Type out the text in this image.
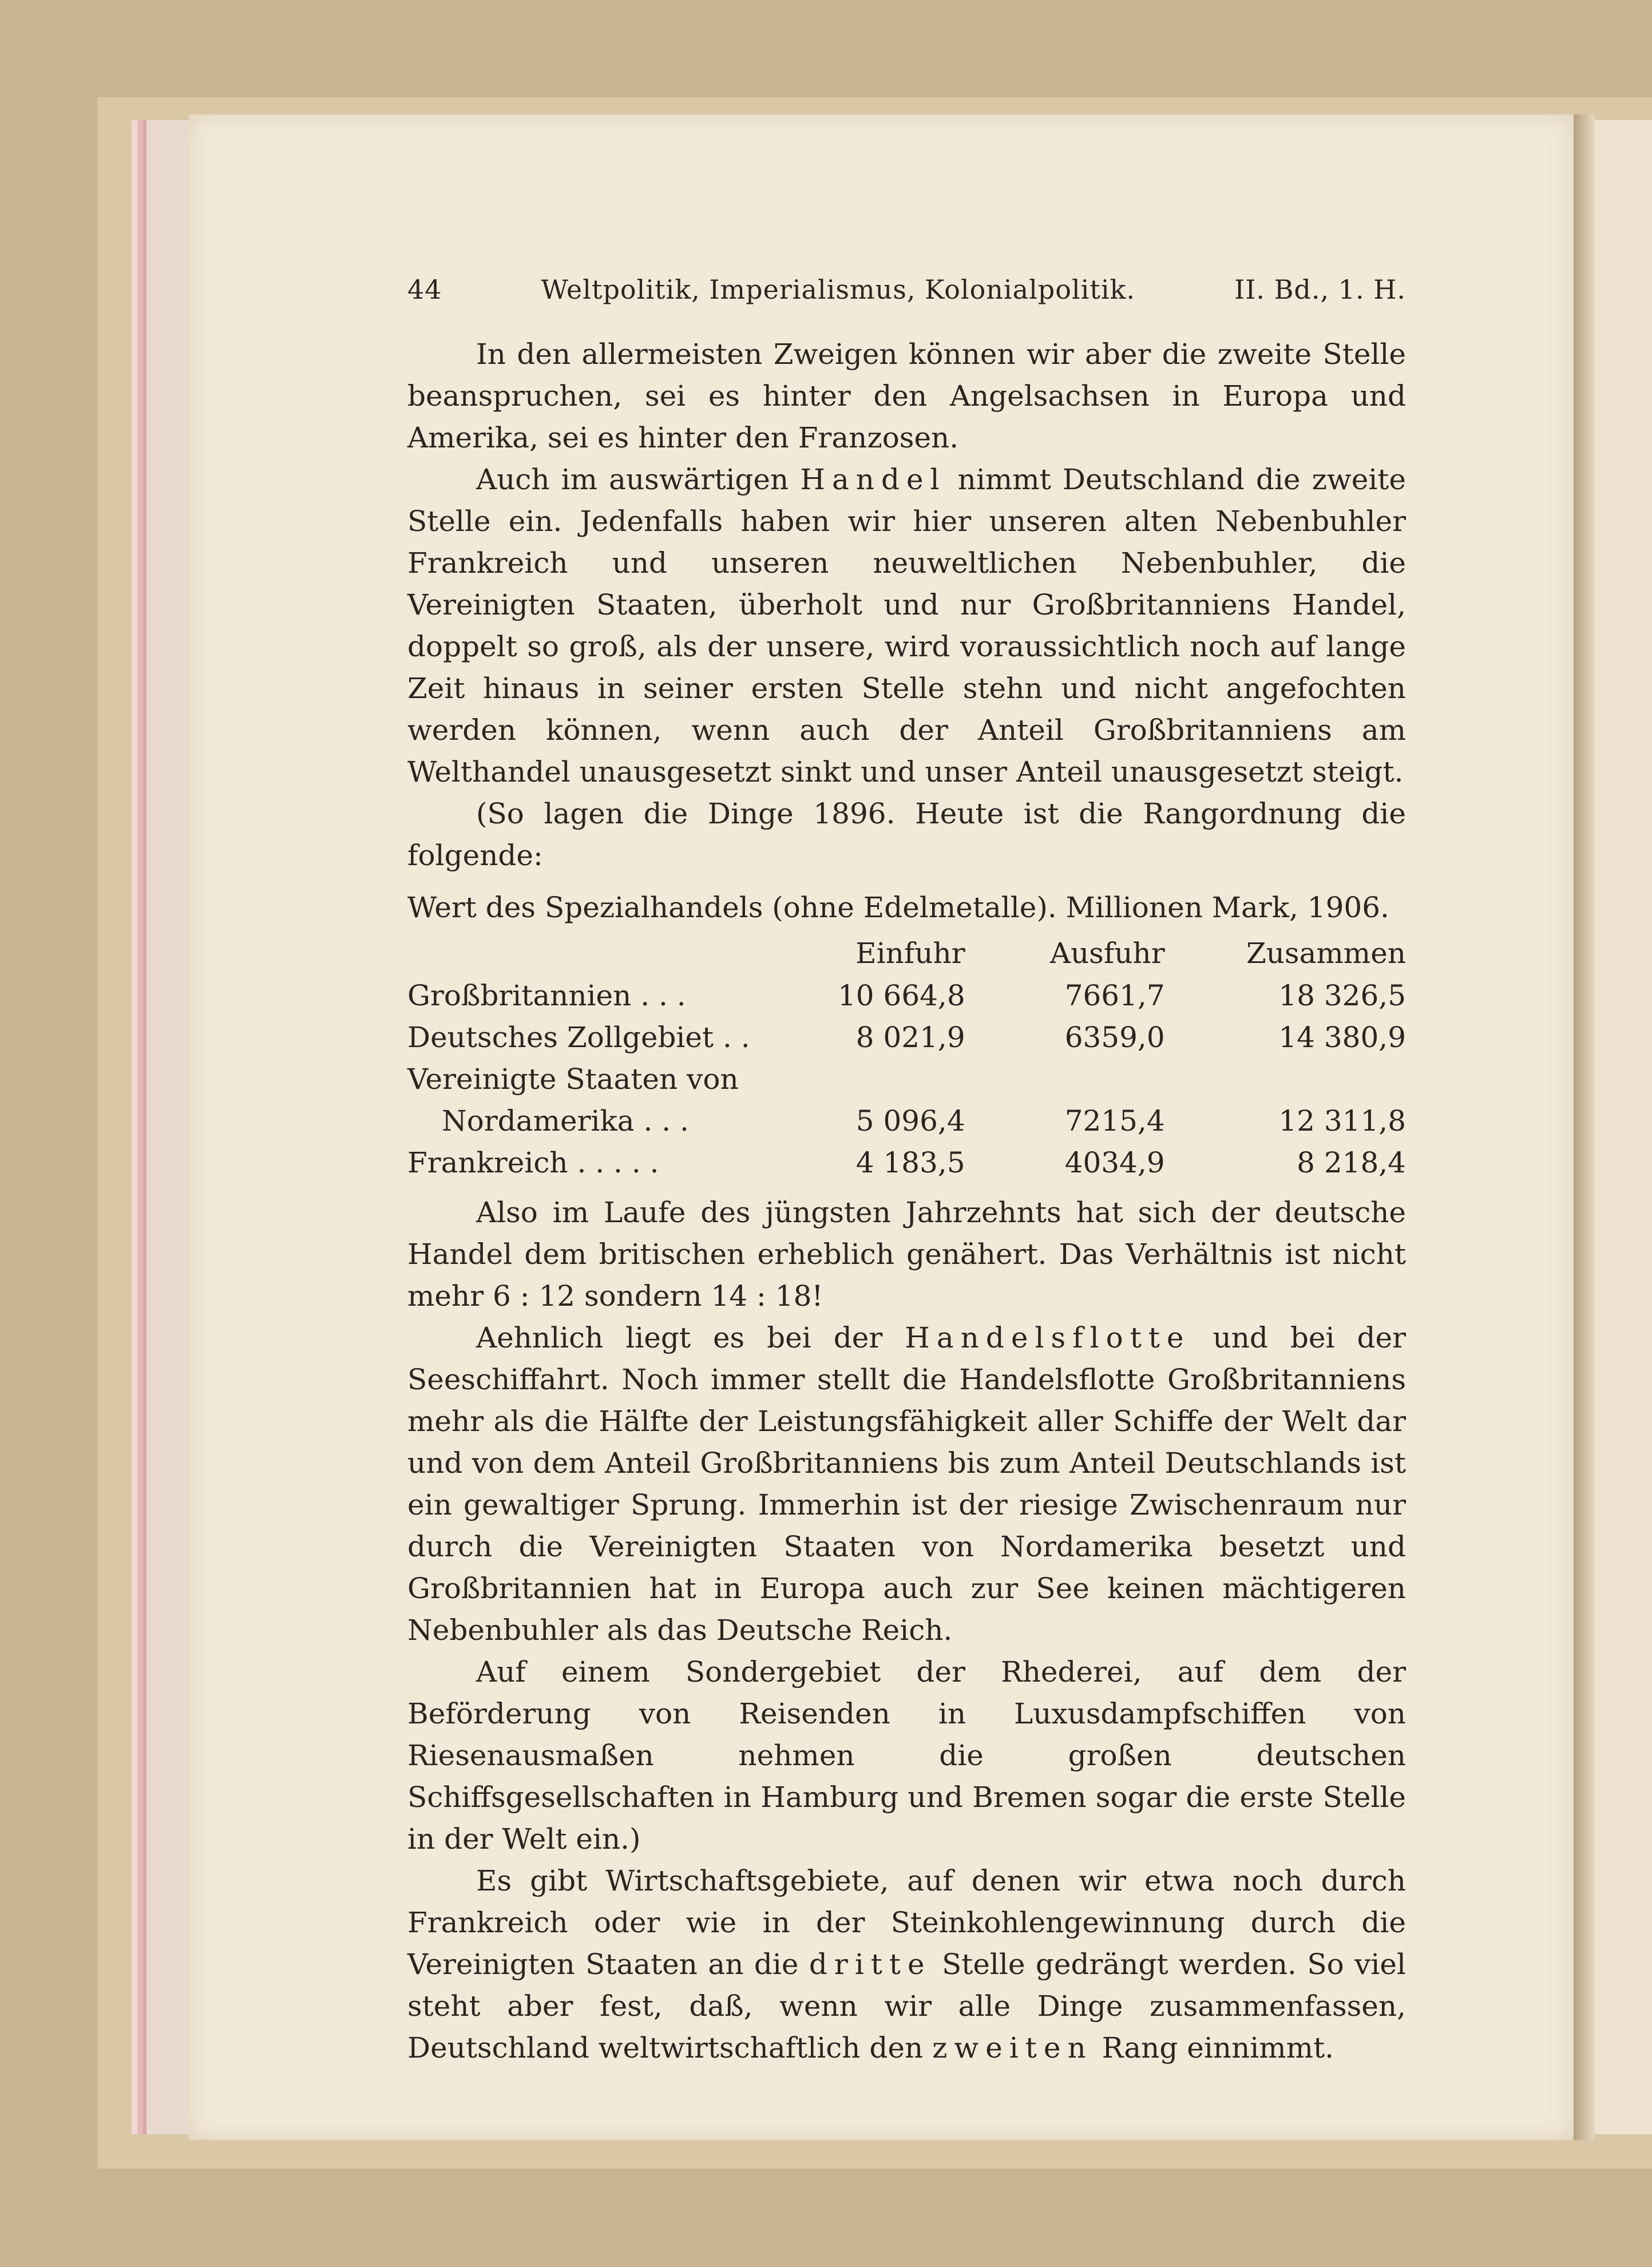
44	Weltpolitik, Imperialismus, Kolonialpolitik.	II. Bd., 1. H.

In den allermeisten Zweigen können wir aber die zweite Stelle beanspruchen, sei es hinter den Angelsachsen in Europa und Amerika, sei es hinter den Franzosen.

Auch im auswärtigen Handel nimmt Deutschland die zweite Stelle ein. Jedenfalls haben wir hier unseren alten Nebenbuhler Frankreich und unseren neuweltlichen Nebenbuhler, die Vereinigten Staaten, überholt und nur Großbritanniens Handel, doppelt so groß, als der unsere, wird voraussichtlich noch auf lange Zeit hinaus in seiner ersten Stelle stehn und nicht angefochten werden können, wenn auch der Anteil Großbritanniens am Welthandel unausgesetzt sinkt und unser Anteil unausgesetzt steigt.

(So lagen die Dinge 1896. Heute ist die Rangordnung die folgende:

Wert des Spezialhandels (ohne Edelmetalle). Millionen Mark, 1906.

	Einfuhr	Ausfuhr	Zusammen
Großbritannien . . .	10 664,8	7661,7	18 326,5
Deutsches Zollgebiet . .	8 021,9	6359,0	14 380,9
Vereinigte Staaten von			
Nordamerika . . .	5 096,4	7215,4	12 311,8
Frankreich . . . . .	4 183,5	4034,9	8 218,4

Also im Laufe des jüngsten Jahrzehnts hat sich der deutsche Handel dem britischen erheblich genähert. Das Verhältnis ist nicht mehr 6 : 12 sondern 14 : 18!

Aehnlich liegt es bei der Handelsflotte und bei der Seeschiffahrt. Noch immer stellt die Handelsflotte Großbritanniens mehr als die Hälfte der Leistungsfähigkeit aller Schiffe der Welt dar und von dem Anteil Großbritanniens bis zum Anteil Deutschlands ist ein gewaltiger Sprung. Immerhin ist der riesige Zwischenraum nur durch die Vereinigten Staaten von Nordamerika besetzt und Großbritannien hat in Europa auch zur See keinen mächtigeren Nebenbuhler als das Deutsche Reich.

Auf einem Sondergebiet der Rhederei, auf dem der Beförderung von Reisenden in Luxusdampfschiffen von Riesenausmaßen nehmen die großen deutschen Schiffsgesellschaften in Hamburg und Bremen sogar die erste Stelle in der Welt ein.)

Es gibt Wirtschaftsgebiete, auf denen wir etwa noch durch Frankreich oder wie in der Steinkohlengewinnung durch die Vereinigten Staaten an die dritte Stelle gedrängt werden. So viel steht aber fest, daß, wenn wir alle Dinge zusammenfassen, Deutschland weltwirtschaftlich den zweiten Rang einnimmt.
